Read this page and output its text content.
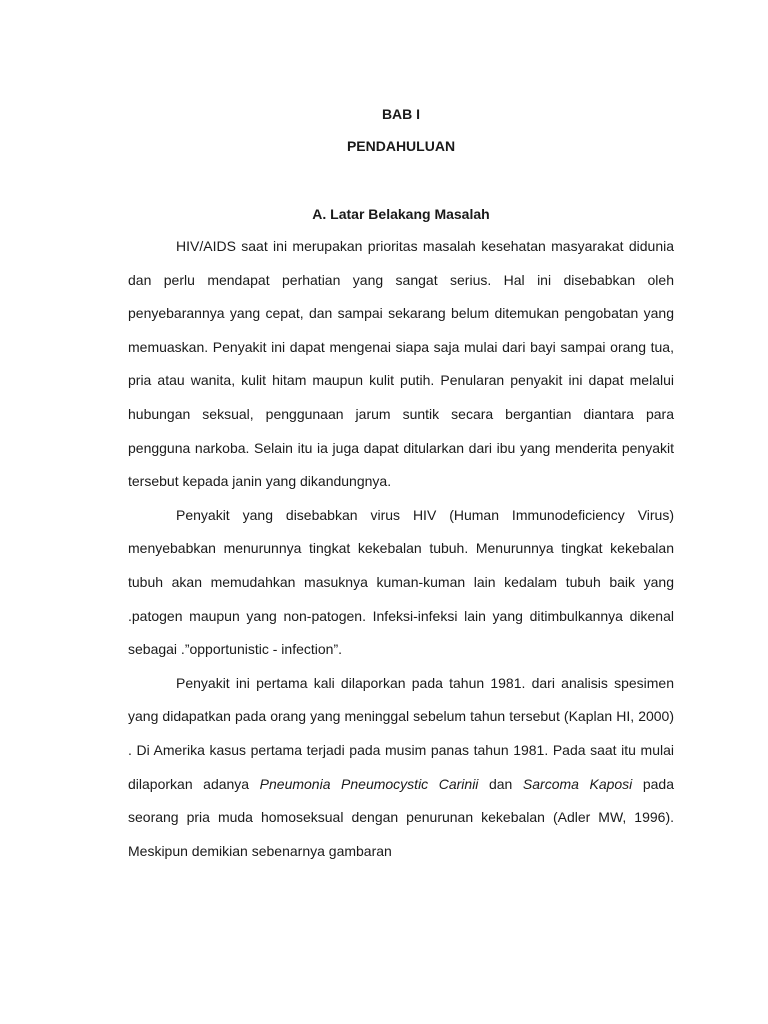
BAB I
PENDAHULUAN
A. Latar Belakang Masalah

HIV/AIDS saat ini merupakan prioritas masalah kesehatan masyarakat didunia dan perlu mendapat perhatian yang sangat serius. Hal ini disebabkan oleh penyebarannya yang cepat, dan sampai sekarang belum ditemukan pengobatan yang memuaskan. Penyakit ini dapat mengenai siapa saja mulai dari bayi sampai orang tua, pria atau wanita, kulit hitam maupun kulit putih. Penularan penyakit ini dapat melalui hubungan seksual, penggunaan jarum suntik secara bergantian diantara para pengguna narkoba. Selain itu ia juga dapat ditularkan dari ibu yang menderita penyakit tersebut kepada janin yang dikandungnya.

Penyakit yang disebabkan virus HIV (Human Immunodeficiency Virus) menyebabkan menurunnya tingkat kekebalan tubuh. Menurunnya tingkat kekebalan tubuh akan memudahkan masuknya kuman-kuman lain kedalam tubuh baik yang .patogen maupun yang non-patogen. Infeksi-infeksi lain yang ditimbulkannya dikenal sebagai .”opportunistic - infection”.

Penyakit ini pertama kali dilaporkan pada tahun 1981. dari analisis spesimen yang didapatkan pada orang yang meninggal sebelum tahun tersebut (Kaplan HI, 2000) . Di Amerika kasus pertama terjadi pada musim panas tahun 1981. Pada saat itu mulai dilaporkan adanya Pneumonia Pneumocystic Carinii dan Sarcoma Kaposi pada seorang pria muda homoseksual dengan penurunan kekebalan (Adler MW, 1996). Meskipun demikian sebenarnya gambaran
